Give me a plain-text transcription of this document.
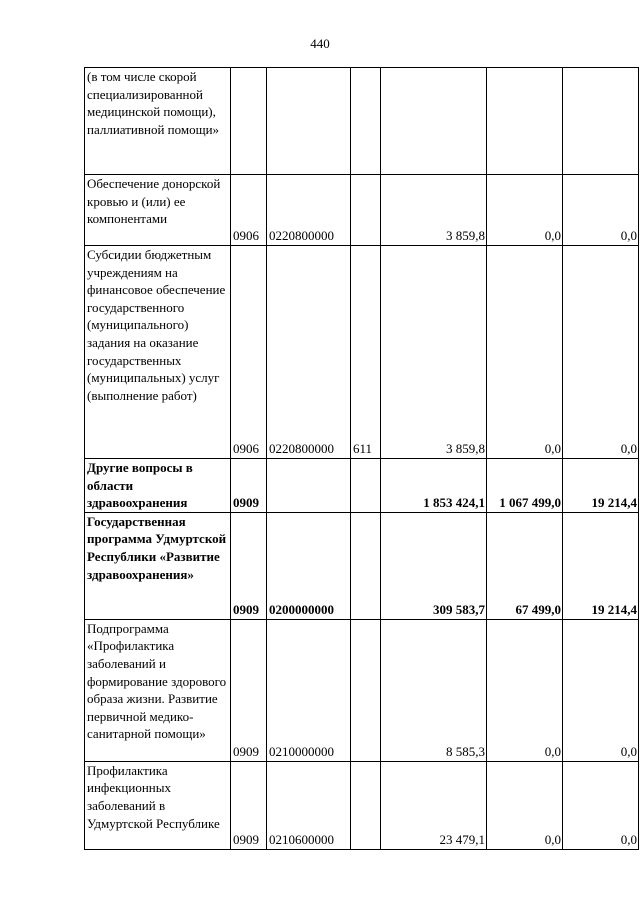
440
(в том числе скорой специализированной медицинской помощи), паллиативной помощи»						
Обеспечение донорской кровью и (или) ее компонентами	0906	0220800000		3 859,8	0,0	0,0
Субсидии бюджетным учреждениям на финансовое обеспечение государственного (муниципального) задания на оказание государственных (муниципальных) услуг (выполнение работ)	0906	0220800000	611	3 859,8	0,0	0,0
Другие вопросы в области здравоохранения	0909			1 853 424,1	1 067 499,0	19 214,4
Государственная программа Удмуртской Республики «Развитие здравоохранения»	0909	0200000000		309 583,7	67 499,0	19 214,4
Подпрограмма «Профилактика заболеваний и формирование здорового образа жизни. Развитие первичной медико-санитарной помощи»	0909	0210000000		8 585,3	0,0	0,0
Профилактика инфекционных заболеваний в Удмуртской Республике	0909	0210600000		23 479,1	0,0	0,0
